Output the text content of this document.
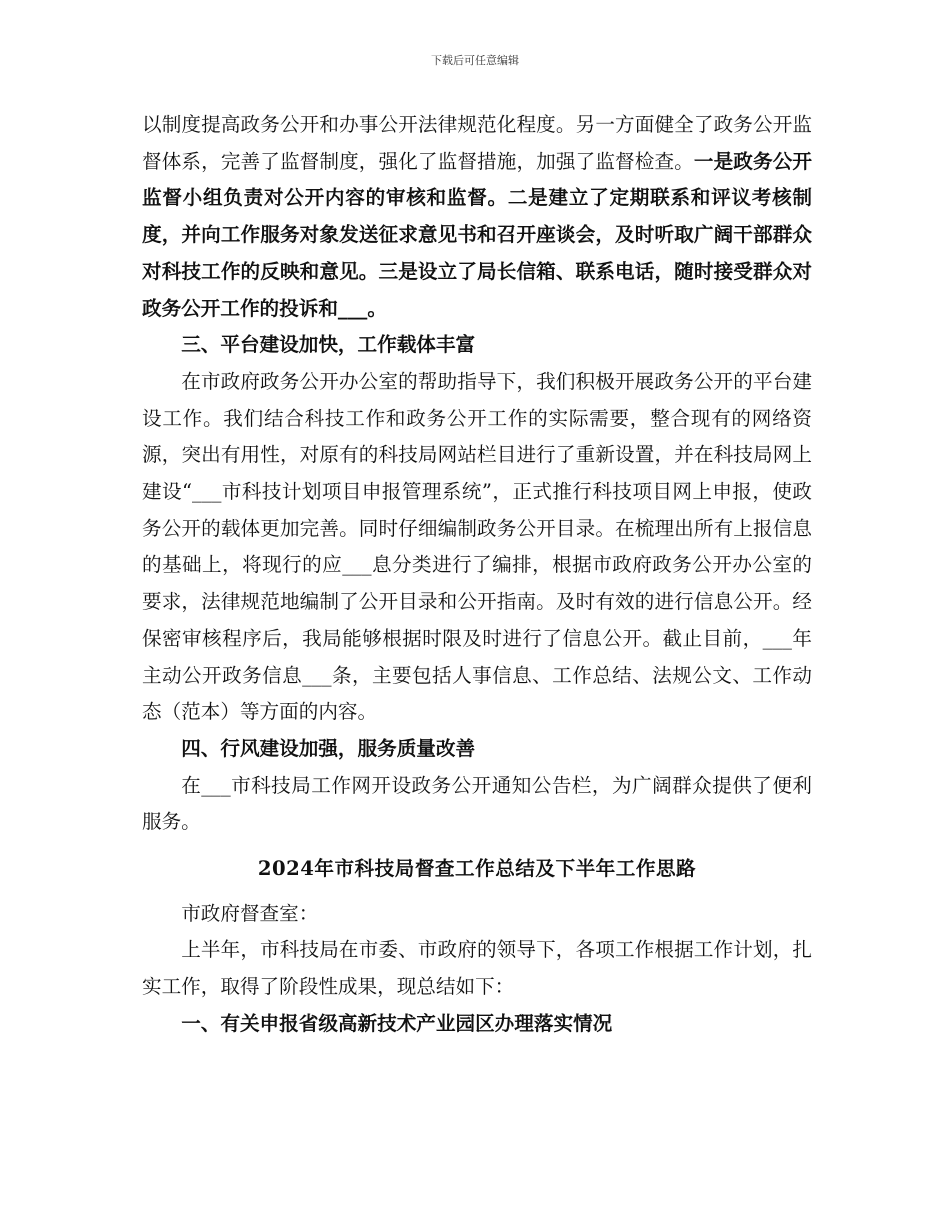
下载后可任意编辑

以制度提高政务公开和办事公开法律规范化程度。另一方面健全了政务公开监督体系，完善了监督制度，强化了监督措施，加强了监督检查。一是政务公开监督小组负责对公开内容的审核和监督。二是建立了定期联系和评议考核制度，并向工作服务对象发送征求意见书和召开座谈会，及时听取广阔干部群众对科技工作的反映和意见。三是设立了局长信箱、联系电话，随时接受群众对政务公开工作的投诉和___。

三、平台建设加快，工作载体丰富

在市政府政务公开办公室的帮助指导下，我们积极开展政务公开的平台建设工作。我们结合科技工作和政务公开工作的实际需要，整合现有的网络资源，突出有用性，对原有的科技局网站栏目进行了重新设置，并在科技局网上建设“___市科技计划项目申报管理系统”，正式推行科技项目网上申报，使政务公开的载体更加完善。同时仔细编制政务公开目录。在梳理出所有上报信息的基础上，将现行的应___息分类进行了编排，根据市政府政务公开办公室的要求，法律规范地编制了公开目录和公开指南。及时有效的进行信息公开。经保密审核程序后，我局能够根据时限及时进行了信息公开。截止目前，___年主动公开政务信息___条，主要包括人事信息、工作总结、法规公文、工作动态（范本）等方面的内容。

四、行风建设加强，服务质量改善

在___市科技局工作网开设政务公开通知公告栏，为广阔群众提供了便利服务。

2024年市科技局督查工作总结及下半年工作思路

市政府督查室：

上半年，市科技局在市委、市政府的领导下，各项工作根据工作计划，扎实工作，取得了阶段性成果，现总结如下：

一、有关申报省级高新技术产业园区办理落实情况
